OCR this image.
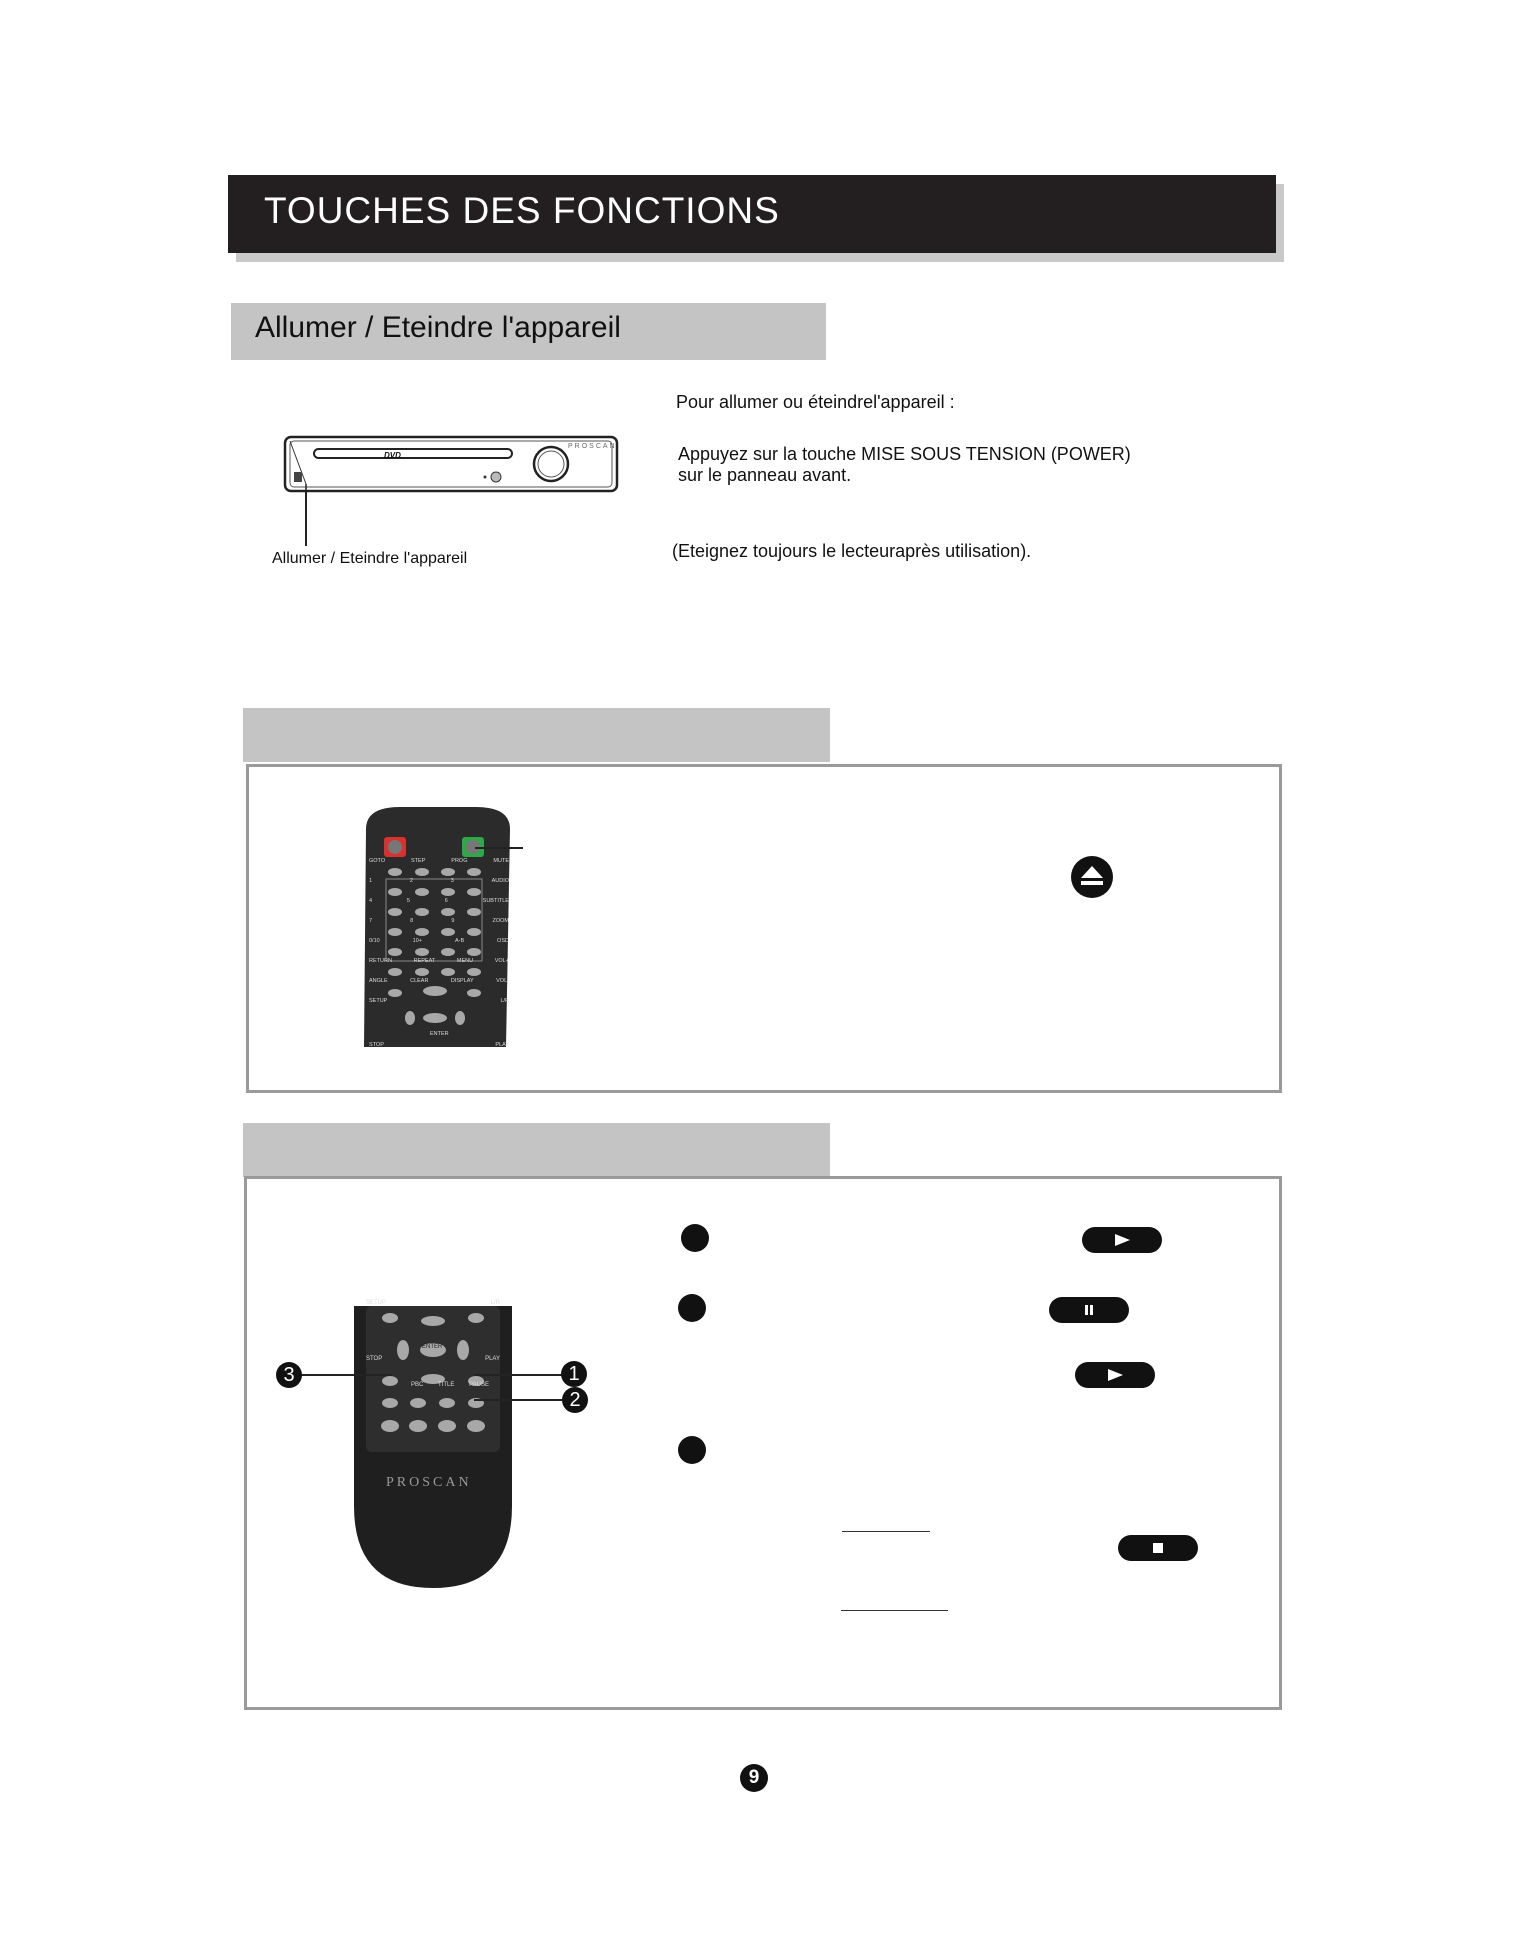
TOUCHES DES FONCTIONS
Allumer / Eteindre l'appareil
DVD
PROSCAN
Allumer / Eteindre l'appareil
Pour allumer ou éteindrel'appareil :
Appuyez sur la touche MISE SOUS TENSION (POWER)
sur le panneau avant.
(Eteignez toujours le lecteuraprès utilisation).
GOTO	STEP	PROG	MUTE
1	2	3	AUDIO
4	5	6	SUBTITLE
7	8	9	ZOOM
0/10	10+	A-B	OSD
RETURN	REPEAT	MENU	VOL+
ANGLE	CLEAR	DISPLAY	VOL-
SETUP	L/R
ENTER
STOP	PLAY
SETUP	L/R
ENTER
STOP	PLAY
PBC TITLE PAUSE
PROSCAN
3	1
2
9
